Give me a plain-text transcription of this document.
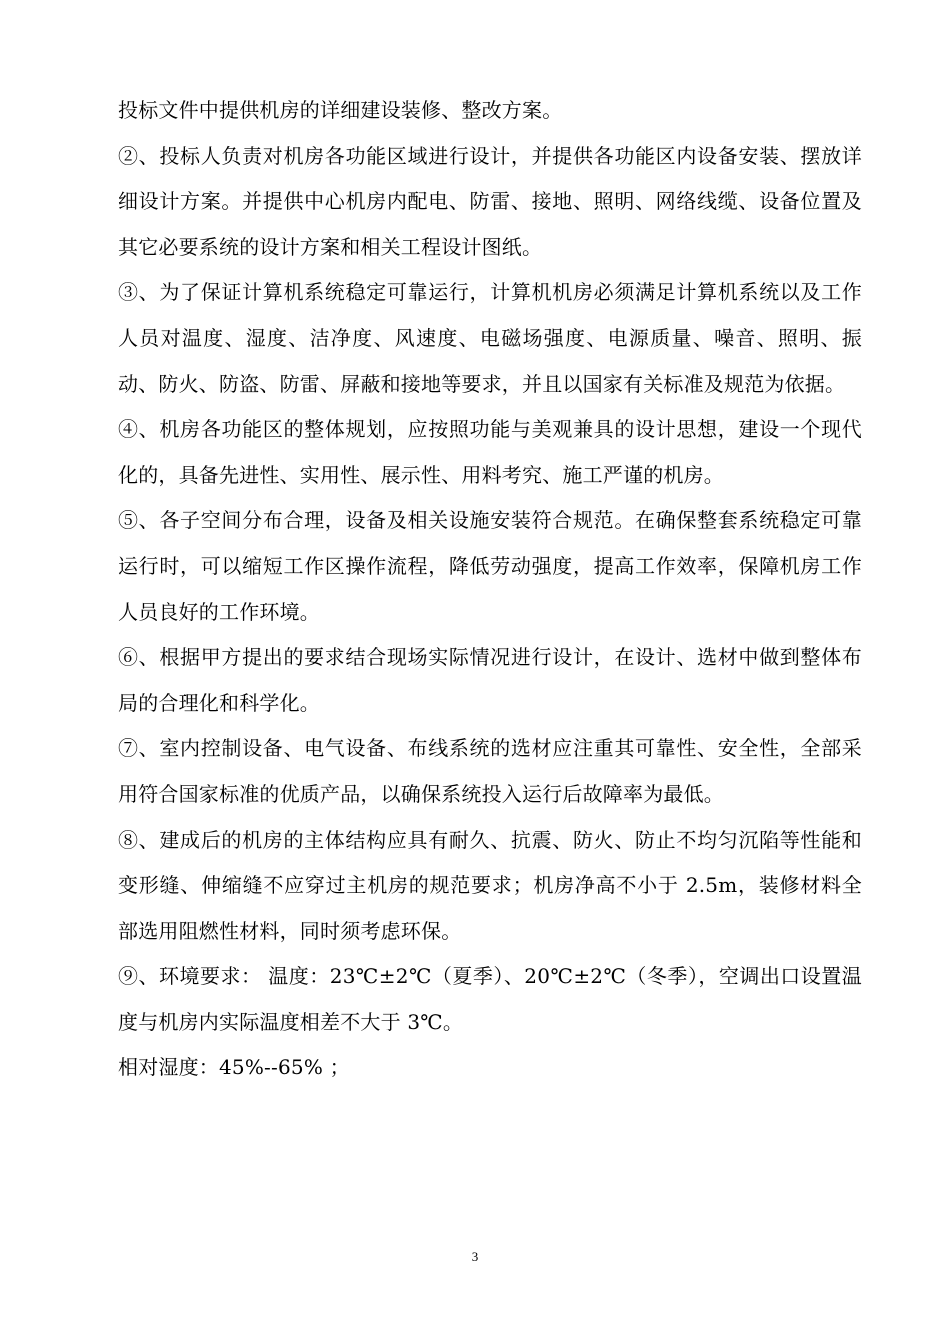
投标文件中提供机房的详细建设装修、整改方案。

②、投标人负责对机房各功能区域进行设计，并提供各功能区内设备安装、摆放详细设计方案。并提供中心机房内配电、防雷、接地、照明、网络线缆、设备位置及其它必要系统的设计方案和相关工程设计图纸。

③、为了保证计算机系统稳定可靠运行，计算机机房必须满足计算机系统以及工作人员对温度、湿度、洁净度、风速度、电磁场强度、电源质量、噪音、照明、振动、防火、防盗、防雷、屏蔽和接地等要求，并且以国家有关标准及规范为依据。

④、机房各功能区的整体规划，应按照功能与美观兼具的设计思想，建设一个现代化的，具备先进性、实用性、展示性、用料考究、施工严谨的机房。

⑤、各子空间分布合理，设备及相关设施安装符合规范。在确保整套系统稳定可靠运行时，可以缩短工作区操作流程，降低劳动强度，提高工作效率，保障机房工作人员良好的工作环境。

⑥、根据甲方提出的要求结合现场实际情况进行设计，在设计、选材中做到整体布局的合理化和科学化。

⑦、室内控制设备、电气设备、布线系统的选材应注重其可靠性、安全性，全部采用符合国家标准的优质产品，以确保系统投入运行后故障率为最低。

⑧、建成后的机房的主体结构应具有耐久、抗震、防火、防止不均匀沉陷等性能和变形缝、伸缩缝不应穿过主机房的规范要求；机房净高不小于 2.5m，装修材料全部选用阻燃性材料，同时须考虑环保。

⑨、环境要求： 温度：23℃±2℃（夏季）、20℃±2℃（冬季），空调出口设置温度与机房内实际温度相差不大于 3℃。

相对湿度：45%--65% ；

3
